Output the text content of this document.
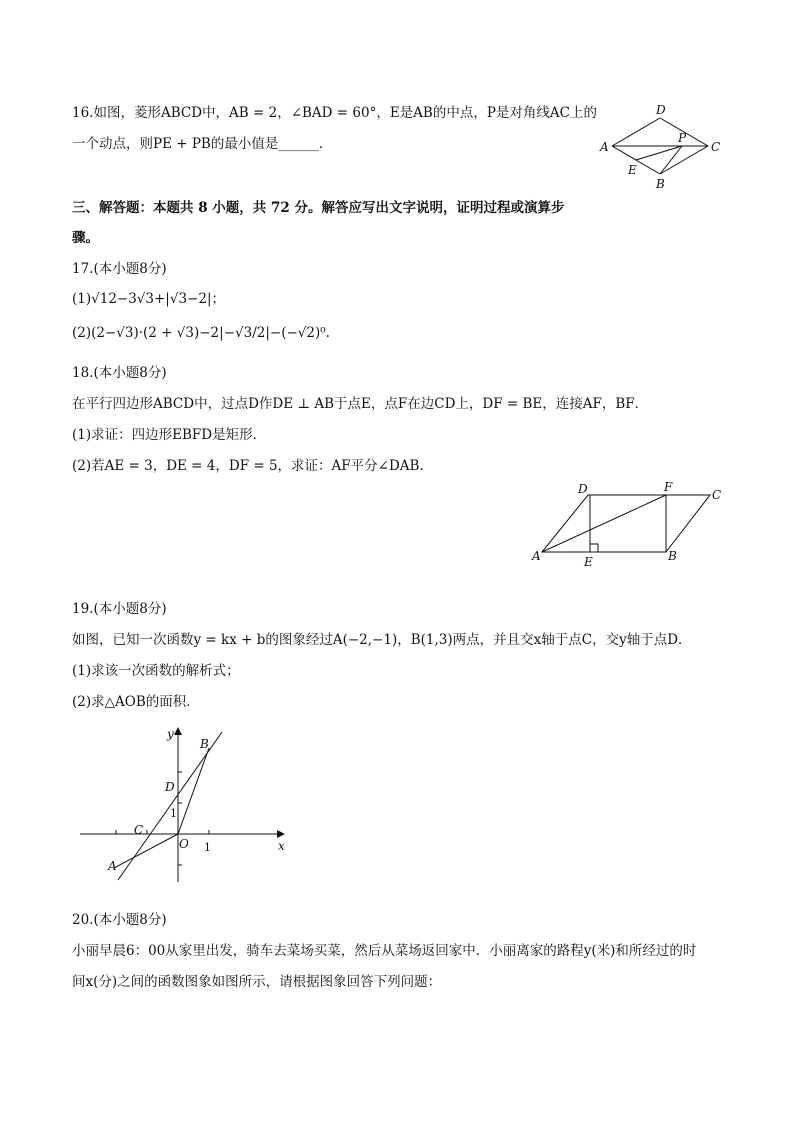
16.如图，菱形ABCD中，AB = 2，∠BAD = 60°，E是AB的中点，P是对角线AC上的
一个动点，则PE + PB的最小值是______．
D
A	C
P
E
B
三、解答题：本题共 8 小题，共 72 分。解答应写出文字说明，证明过程或演算步
骤。
17.(本小题8分)
(1)√12−3√3+|√3−2|；
(2)(2−√3)·(2 + √3)−2|−√3/2|−(−√2)⁰.
18.(本小题8分)
在平行四边形ABCD中，过点D作DE ⊥ AB于点E，点F在边CD上，DF = BE，连接AF，BF．
(1)求证：四边形EBFD是矩形．
(2)若AE = 3，DE = 4，DF = 5，求证：AF平分∠DAB．
D	F
C
A	E	B
19.(本小题8分)
如图，已知一次函数y = kx + b的图象经过A(−2,−1)，B(1,3)两点，并且交x轴于点C，交y轴于点D．
(1)求该一次函数的解析式；
(2)求△AOB的面积．
y
x
O 1
1
B
D
C
A
20.(本小题8分)
小丽早晨6：00从家里出发，骑车去菜场买菜，然后从菜场返回家中．小丽离家的路程y(米)和所经过的时
间x(分)之间的函数图象如图所示，请根据图象回答下列问题：
